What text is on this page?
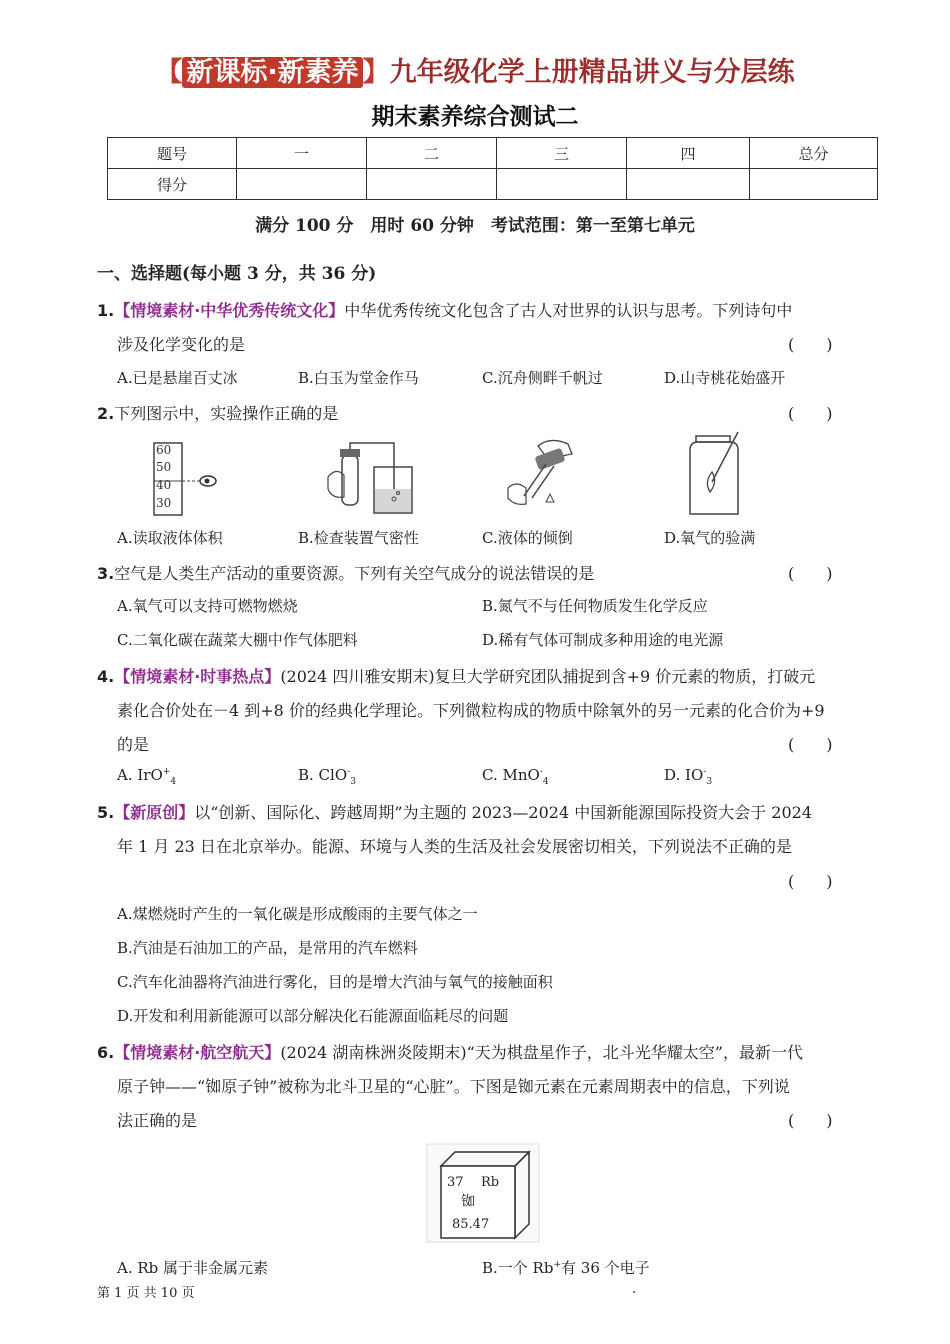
【 新课标·新素养 】九年级化学上册精品讲义与分层练
期末素养综合测试二
题号	一	二	三	四	总分
得分					
满分 100 分　用时 60 分钟　考试范围：第一至第七单元
一、选择题(每小题 3 分，共 36 分)
1.【情境素材·中华优秀传统文化】中华优秀传统文化包含了古人对世界的认识与思考。下列诗句中
涉及化学变化的是	(　　)
A.已是悬崖百丈冰	B.白玉为堂金作马	C.沉舟侧畔千帆过	D.山寺桃花始盛开
2.下列图示中，实验操作正确的是	(　　)
60
50
40
30
A.读取液体体积	B.检查装置气密性	C.液体的倾倒	D.氧气的验满
3.空气是人类生产活动的重要资源。下列有关空气成分的说法错误的是	(　　)
A.氧气可以支持可燃物燃烧	B.氮气不与任何物质发生化学反应
C.二氧化碳在蔬菜大棚中作气体肥料	D.稀有气体可制成多种用途的电光源
4.【情境素材·时事热点】(2024 四川雅安期末)复旦大学研究团队捕捉到含+9 价元素的物质，打破元
素化合价处在－4 到+8 价的经典化学理论。下列微粒构成的物质中除氧外的另一元素的化合价为+9
的是	(　　)
A. IrO+$_4$	B. ClO-$_3$	C. MnO-$_4$	D. $IO^-_3$
5.【新原创】以“创新、国际化、跨越周期”为主题的 2023—2024 中国新能源国际投资大会于 2024
年 1 月 23 日在北京举办。能源、环境与人类的生活及社会发展密切相关，下列说法不正确的是
(　　)
A.煤燃烧时产生的一氧化碳是形成酸雨的主要气体之一
B.汽油是石油加工的产品，是常用的汽车燃料
C.汽车化油器将汽油进行雾化，目的是增大汽油与氧气的接触面积
D.开发和利用新能源可以部分解决化石能源面临耗尽的问题
6.【情境素材·航空航天】(2024 湖南株洲炎陵期末)“天为棋盘星作子，北斗光华耀太空”，最新一代
原子钟——“铷原子钟”被称为北斗卫星的“心脏”。下图是铷元素在元素周期表中的信息，下列说
法正确的是	(　　)
37 Rb
铷
85.47
A. Rb 属于非金属元素	B.一个 Rb+有 36 个电子
第 1 页 共 10 页	.
